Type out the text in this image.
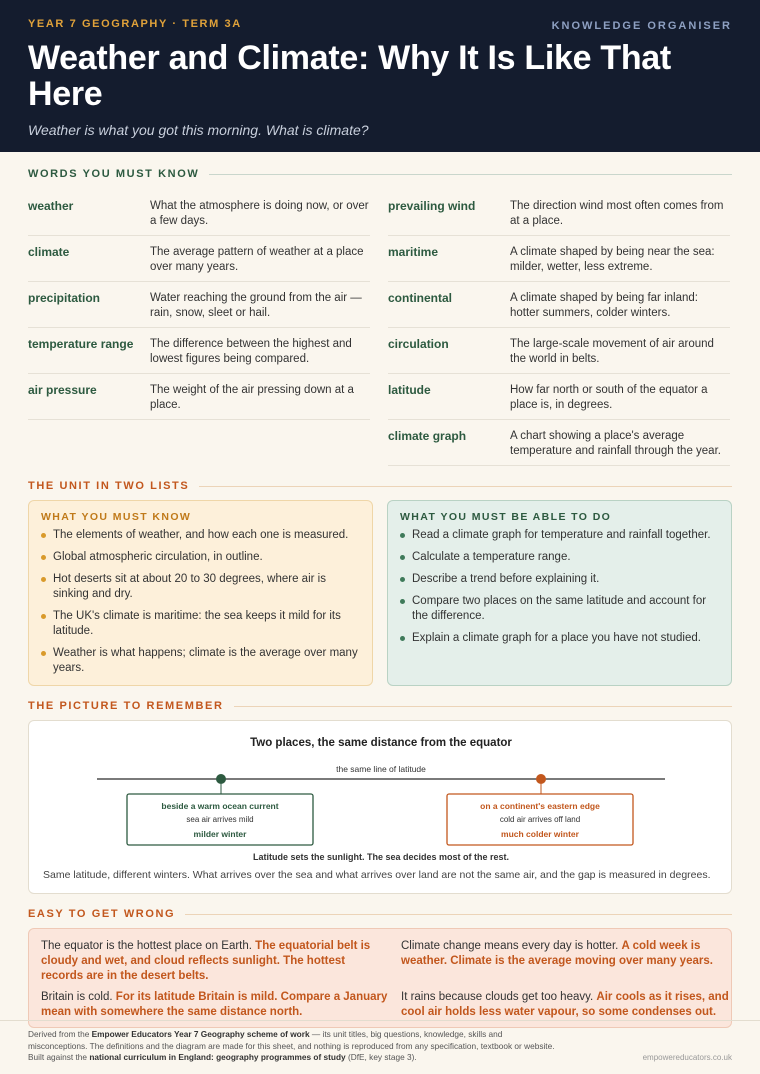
YEAR 7 GEOGRAPHY · TERM 3A	KNOWLEDGE ORGANISER
Weather and Climate: Why It Is Like That Here
Weather is what you got this morning. What is climate?
WORDS YOU MUST KNOW
weather	What the atmosphere is doing now, or over a few days.
climate	The average pattern of weather at a place over many years.
precipitation	Water reaching the ground from the air — rain, snow, sleet or hail.
temperature range	The difference between the highest and lowest figures being compared.
air pressure	The weight of the air pressing down at a place.
prevailing wind	The direction wind most often comes from at a place.
maritime	A climate shaped by being near the sea: milder, wetter, less extreme.
continental	A climate shaped by being far inland: hotter summers, colder winters.
circulation	The large-scale movement of air around the world in belts.
latitude	How far north or south of the equator a place is, in degrees.
climate graph	A chart showing a place's average temperature and rainfall through the year.
THE UNIT IN TWO LISTS
WHAT YOU MUST KNOW
The elements of weather, and how each one is measured.
Global atmospheric circulation, in outline.
Hot deserts sit at about 20 to 30 degrees, where air is sinking and dry.
The UK's climate is maritime: the sea keeps it mild for its latitude.
Weather is what happens; climate is the average over many years.
WHAT YOU MUST BE ABLE TO DO
Read a climate graph for temperature and rainfall together.
Calculate a temperature range.
Describe a trend before explaining it.
Compare two places on the same latitude and account for the difference.
Explain a climate graph for a place you have not studied.
THE PICTURE TO REMEMBER
Two places, the same distance from the equator
the same line of latitude
beside a warm ocean current
sea air arrives mild
milder winter
on a continent's eastern edge
cold air arrives off land
much colder winter
Latitude sets the sunlight. The sea decides most of the rest.
Same latitude, different winters. What arrives over the sea and what arrives over land are not the same air, and the gap is measured in degrees.
EASY TO GET WRONG

The equator is the hottest place on Earth. The equatorial belt is cloudy and wet, and cloud reflects sunlight. The hottest records are in the desert belts.

Climate change means every day is hotter. A cold week is weather. Climate is the average moving over many years.

Britain is cold. For its latitude Britain is mild. Compare a January mean with somewhere the same distance north.

It rains because clouds get too heavy. Air cools as it rises, and cool air holds less water vapour, so some condenses out.

Derived from the Empower Educators Year 7 Geography scheme of work — its unit titles, big questions, knowledge, skills and misconceptions. The definitions and the diagram are made for this sheet, and nothing is reproduced from any specification, textbook or website. Built against the national curriculum in England: geography programmes of study (DfE, key stage 3).	empowereducators.co.uk
